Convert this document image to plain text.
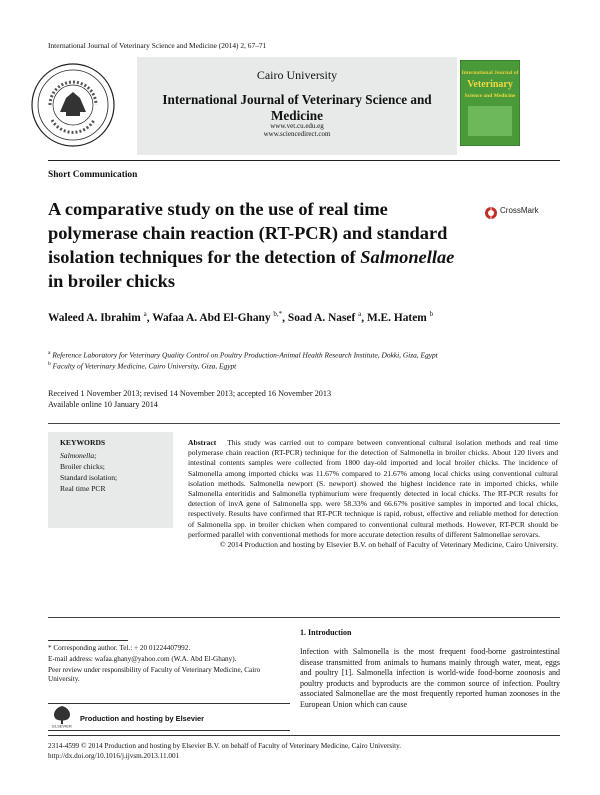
International Journal of Veterinary Science and Medicine (2014) 2, 67–71
Cairo University
International Journal of Veterinary Science and Medicine
www.vet.cu.edu.eg
www.sciencedirect.com
International Journal of
Veterinary
Science and Medicine
Short Communication
A comparative study on the use of real time
polymerase chain reaction (RT-PCR) and standard
isolation techniques for the detection of Salmonellae
in broiler chicks
CrossMark
Waleed A. Ibrahim $^a$, Wafaa A. Abd El-Ghany $^{b,*}$, Soad A. Nasef $^a$, M.E. Hatem $^b$
$^a$ Reference Laboratory for Veterinary Quality Control on Poultry Production-Animal Health Research Institute, Dokki, Giza, Egypt
$^b$ Faculty of Veterinary Medicine, Cairo University, Giza, Egypt
Received 1 November 2013; revised 14 November 2013; accepted 16 November 2013
Available online 10 January 2014
KEYWORDS
Salmonella;
Broiler chicks;
Standard isolation;
Real time PCR

Abstract This study was carried out to compare between conventional cultural isolation methods and real time polymerase chain reaction (RT-PCR) technique for the detection of Salmonella in broiler chicks. About 120 livers and intestinal contents samples were collected from 1800 day-old imported and local broiler chicks. The incidence of Salmonella among imported chicks was 11.67% compared to 21.67% among local chicks using conventional cultural isolation methods. Salmonella newport (S. newport) showed the highest incidence rate in imported chicks, while Salmonella enteritidis and Salmonella typhimurium were frequently detected in local chicks. The RT-PCR results for detection of invA gene of Salmonella spp. were 58.33% and 66.67% positive samples in imported and local chicks, respectively. Results have confirmed that RT-PCR technique is rapid, robust, effective and reliable method for detection of Salmonella spp. in broiler chicken when compared to conventional cultural methods. However, RT-PCR should be performed parallel with conventional methods for more accurate detection results of different Salmonellae serovars.

© 2014 Production and hosting by Elsevier B.V. on behalf of Faculty of Veterinary Medicine, Cairo University.

* Corresponding author. Tel.: + 20 01224407992.
E-mail address: wafaa.ghany@yahoo.com (W.A. Abd El-Ghany).
Peer review under responsibility of Faculty of Veterinary Medicine, Cairo University.
ELSEVIER
Production and hosting by Elsevier
1. Introduction

Infection with Salmonella is the most frequent food-borne gastrointestinal disease transmitted from animals to humans mainly through water, meat, eggs and poultry [1]. Salmonella infection is world-wide food-borne zoonosis and poultry products and byproducts are the common source of infection. Poultry associated Salmonellae are the most frequently reported human zoonoses in the European Union which can cause

2314-4599 © 2014 Production and hosting by Elsevier B.V. on behalf of Faculty of Veterinary Medicine, Cairo University.
http://dx.doi.org/10.1016/j.ijvsm.2013.11.001
